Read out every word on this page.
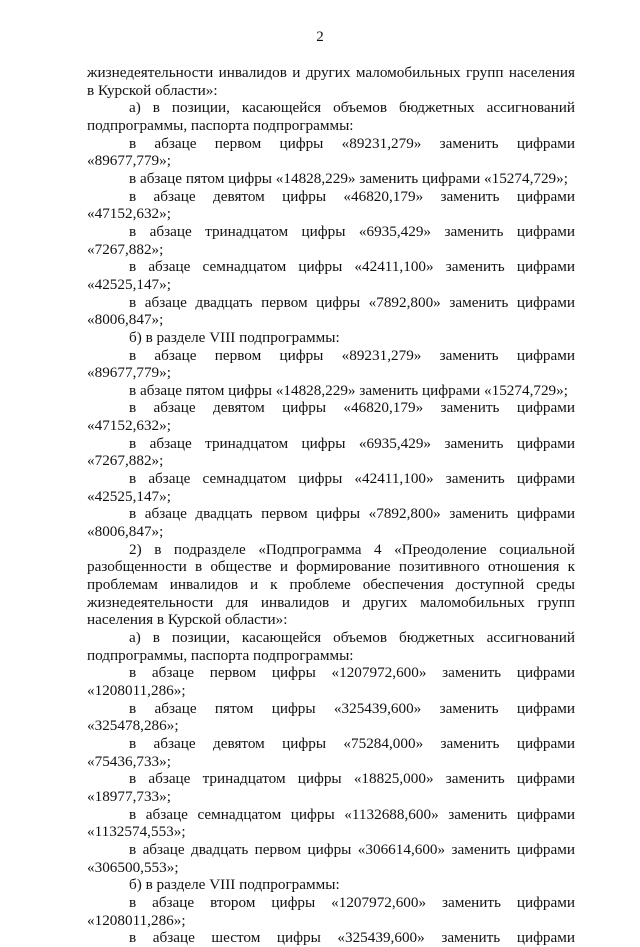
2

жизнедеятельности инвалидов и других маломобильных групп населения в Курской области»:

а) в позиции, касающейся объемов бюджетных ассигнований подпрограммы, паспорта подпрограммы:

в абзаце первом цифры «89231,279» заменить цифрами «89677,779»;

в абзаце пятом цифры «14828,229» заменить цифрами «15274,729»;

в абзаце девятом цифры «46820,179» заменить цифрами «47152,632»;

в абзаце тринадцатом цифры «6935,429» заменить цифрами «7267,882»;

в абзаце семнадцатом цифры «42411,100» заменить цифрами «42525,147»;

в абзаце двадцать первом цифры «7892,800» заменить цифрами «8006,847»;

б) в разделе VIII подпрограммы:

в абзаце первом цифры «89231,279» заменить цифрами «89677,779»;

в абзаце пятом цифры «14828,229» заменить цифрами «15274,729»;

в абзаце девятом цифры «46820,179» заменить цифрами «47152,632»;

в абзаце тринадцатом цифры «6935,429» заменить цифрами «7267,882»;

в абзаце семнадцатом цифры «42411,100» заменить цифрами «42525,147»;

в абзаце двадцать первом цифры «7892,800» заменить цифрами «8006,847»;

2) в подразделе «Подпрограмма 4 «Преодоление социальной разобщенности в обществе и формирование позитивного отношения к проблемам инвалидов и к проблеме обеспечения доступной среды жизнедеятельности для инвалидов и других маломобильных групп населения в Курской области»:

а) в позиции, касающейся объемов бюджетных ассигнований подпрограммы, паспорта подпрограммы:

в абзаце первом цифры «1207972,600» заменить цифрами «1208011,286»;

в абзаце пятом цифры «325439,600» заменить цифрами «325478,286»;

в абзаце девятом цифры «75284,000» заменить цифрами «75436,733»;

в абзаце тринадцатом цифры «18825,000» заменить цифрами «18977,733»;

в абзаце семнадцатом цифры «1132688,600» заменить цифрами «1132574,553»;

в абзаце двадцать первом цифры «306614,600» заменить цифрами «306500,553»;

б) в разделе VIII подпрограммы:

в абзаце втором цифры «1207972,600» заменить цифрами «1208011,286»;

в абзаце шестом цифры «325439,600» заменить цифрами
